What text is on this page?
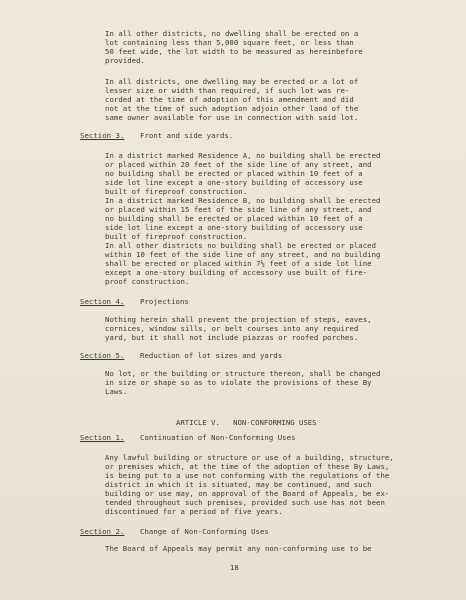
In all other districts, no dwelling shall be erected on a
lot containing less than 5,000 square feet, or less than
50 feet wide, the lot width to be measured as hereinbefore
provided.
In all districts, one dwelling may be erected or a lot of
lesser size or width than required, if such lot was re-
corded at the time of adoption of this amendment and did
not at the time of such adoption adjoin other land of the
same owner available for use in connection with said lot.
Section 3. Front and side yards.
In a district marked Residence A, no building shall be erected
or placed within 20 feet of the side line of any street, and
no building shall be erected or placed within 10 feet of a
side lot line except a one-story building of accessory use
built of fireproof construction.
In a district marked Residence B, no building shall be erected
or placed within 15 feet of the side line of any street, and
no building shall be erected or placed within 10 feet of a
side lot line except a one-story building of accessory use
built of fireproof construction.
In all other districts no building shall be erected or placed
within 10 feet of the side line of any street, and no building
shall be erected or placed within 7½ feet of a side lot line
except a one-story building of accessory use built of fire-
proof construction.
Section 4. Projections
Nothing herein shall prevent the projection of steps, eaves,
cornices, window sills, or belt courses into any required
yard, but it shall not include piazzas or roofed porches.
Section 5. Reduction of lot sizes and yards
No lot, or the building or structure thereon, shall be changed
in size or shape so as to violate the provisions of these By
Laws.
ARTICLE V.   NON-CONFORMING USES
Section 1. Continuation of Non-Conforming Uses
Any lawful building or structure or use of a building, structure,
or premises which, at the time of the adoption of these By Laws,
is being put to a use not conforming with the regulations of the
district in which it is situated, may be continued, and such
building or use may, on approval of the Board of Appeals, be ex-
tended throughout such premises, provided such use has not been
discontinued for a period of five years.
Section 2. Change of Non-Conforming Uses
The Board of Appeals may permit any non-conforming use to be
18
